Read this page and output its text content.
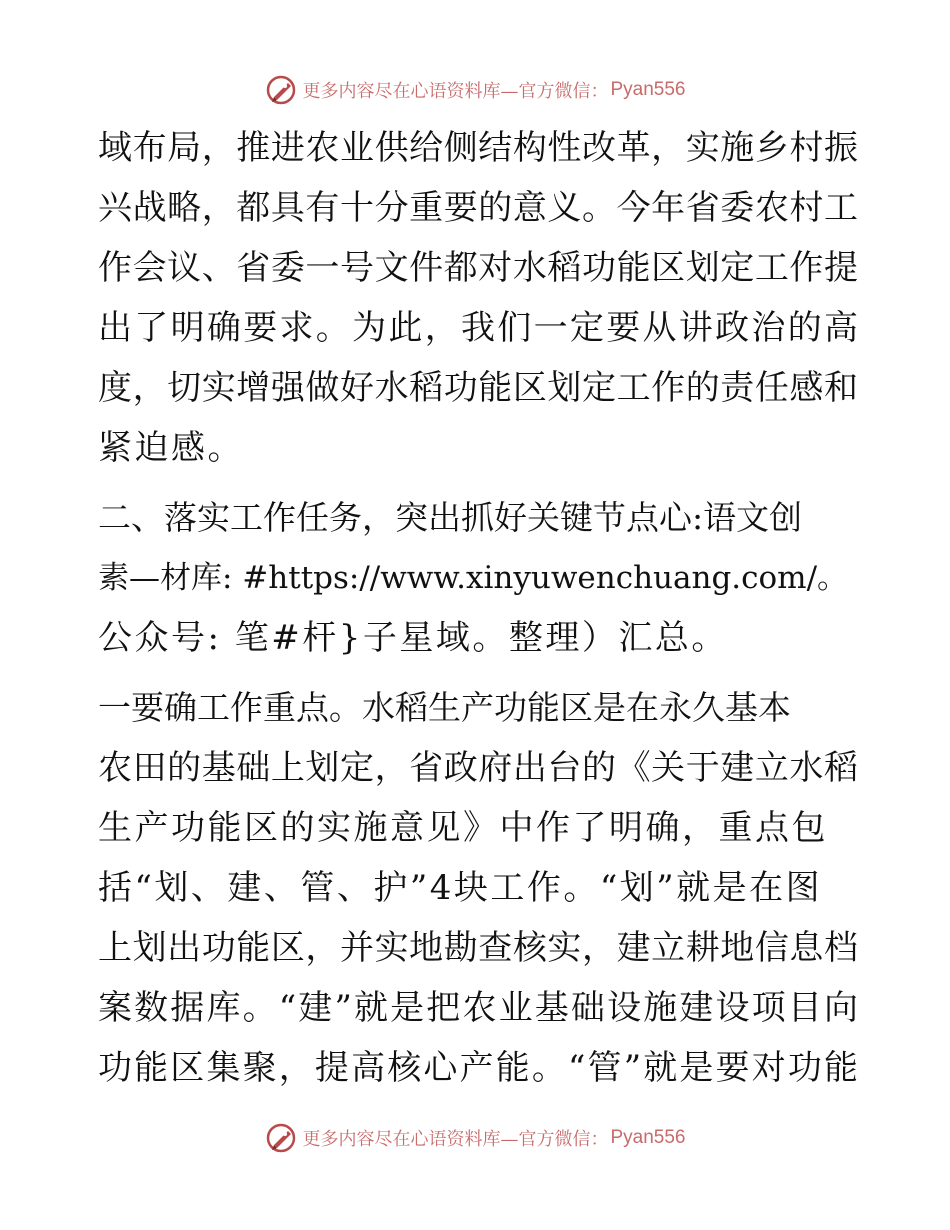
更多内容尽在心语资料库—官方微信： Pyan556
域布局，推进农业供给侧结构性改革，实施乡村振
兴战略，都具有十分重要的意义。今年省委农村工
作会议、省委一号文件都对水稻功能区划定工作提
出了明确要求。为此，我们一定要从讲政治的高
度，切实增强做好水稻功能区划定工作的责任感和
紧迫感。
二、落实工作任务，突出抓好关键节点心:语文创
素—材库: #https://www.xinyuwenchuang.com/。
公众号: 笔#杆}子星域。整理）汇总。
一要确工作重点。水稻生产功能区是在永久基本
农田的基础上划定，省政府出台的《关于建立水稻
生产功能区的实施意见》中作了明确，重点包
括“划、建、管、护”4块工作。“划”就是在图
上划出功能区，并实地勘查核实，建立耕地信息档
案数据库。“建”就是把农业基础设施建设项目向
功能区集聚，提高核心产能。“管”就是要对功能
更多内容尽在心语资料库—官方微信： Pyan556
